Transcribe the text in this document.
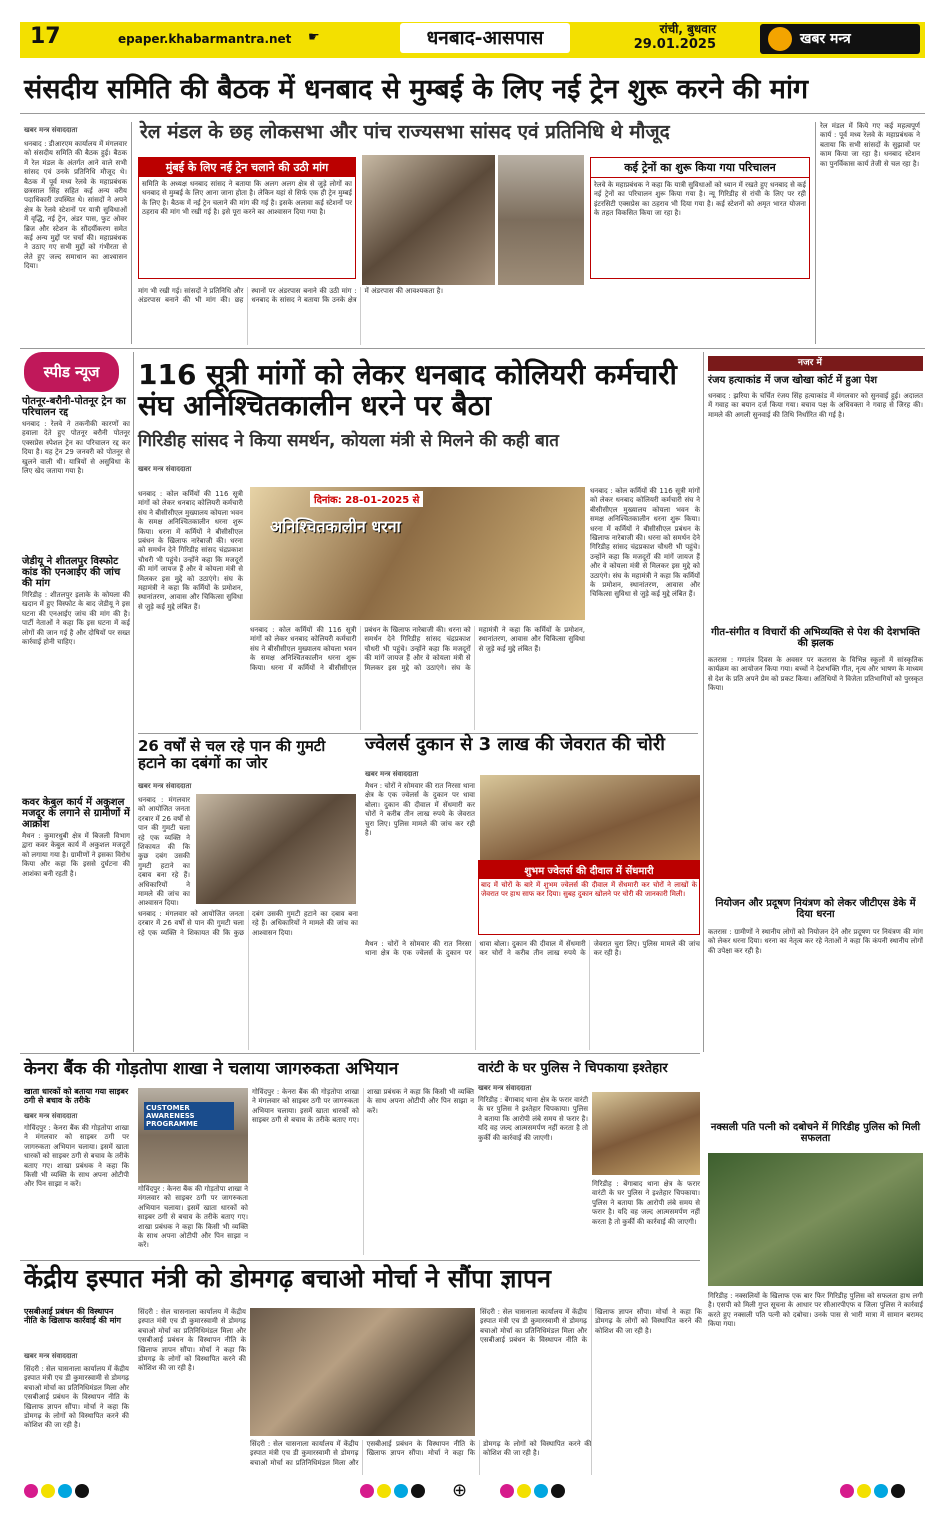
17	epaper.khabarmantra.net ☛	धनबाद-आसपास	रांची, बुधवार
29.01.2025	खबर मन्त्र
संसदीय समिति की बैठक में धनबाद से मुम्बई के लिए नई ट्रेन शुरू करने की मांग
रेल मंडल के छह लोकसभा और पांच राज्यसभा सांसद एवं प्रतिनिधि थे मौजूद
खबर मन्त्र संवाददाता
धनबाद : डीआरएम कार्यालय में मंगलवार को संसदीय समिति की बैठक हुई। बैठक में रेल मंडल के अंतर्गत आने वाले सभी सांसद एवं उनके प्रतिनिधि मौजूद थे। बैठक में पूर्व मध्य रेलवे के महाप्रबंधक छत्रसाल सिंह सहित कई अन्य वरीय पदाधिकारी उपस्थित थे। सांसदों ने अपने क्षेत्र के रेलवे स्टेशनों पर यात्री सुविधाओं में वृद्धि, नई ट्रेन, अंडर पास, फुट ओवर ब्रिज और स्टेशन के सौंदर्यीकरण समेत कई अन्य मुद्दों पर चर्चा की। महाप्रबंधक ने उठाए गए सभी मुद्दों को गंभीरता से लेते हुए जल्द समाधान का आश्वासन दिया।
मुंबई के लिए नई ट्रेन चलाने की उठी मांग
समिति के अध्यक्ष धनबाद सांसद ने बताया कि अलग अलग क्षेत्र से जुड़े लोगों का धनबाद से मुम्बई के लिए आना जाना होता है। लेकिन यहां से सिर्फ एक ही ट्रेन मुम्बई के लिए है। बैठक में नई ट्रेन चलाने की मांग की गई है। इसके अलावा कई स्टेशनों पर ठहराव की मांग भी रखी गई है। इसे पूरा करने का आश्वासन दिया गया है।
कई ट्रेनों का शुरू किया गया परिचालन
रेलवे के महाप्रबंधक ने कहा कि यात्री सुविधाओं को ध्यान में रखते हुए धनबाद से कई नई ट्रेनों का परिचालन शुरू किया गया है। न्यू गिरिडीह से रांची के लिए पर रही इंटरसिटी एक्सप्रेस का ठहराव भी दिया गया है। कई स्टेशनों को अमृत भारत योजना के तहत विकसित किया जा रहा है।
मांग भी रखी गई। सांसदों ने प्रतिनिधि और अंडरपास बनाने की भी मांग की। छह स्थानों पर अंडरपास बनाने की उठी मांग : धनबाद के सांसद ने बताया कि उनके क्षेत्र में अंडरपास की आवश्यकता है।
रेल मंडल में किये गए कई महत्वपूर्ण कार्य : पूर्व मध्य रेलवे के महाप्रबंधक ने बताया कि सभी सांसदों के सुझावों पर काम किया जा रहा है। धनबाद स्टेशन का पुनर्विकास कार्य तेजी से चल रहा है।
स्पीड न्यूज
पोतनूर-बरौनी-पोतनूर ट्रेन का परिचालन रद्द
धनबाद : रेलवे ने तकनीकी कारणों का हवाला देते हुए पोतनूर बरौनी पोतनूर एक्सप्रेस स्पेशल ट्रेन का परिचालन रद्द कर दिया है। यह ट्रेन 29 जनवरी को पोतनूर से खुलने वाली थी। यात्रियों से असुविधा के लिए खेद जताया गया है।
जेडीयू ने शीतलपुर विस्फोट कांड की एनआईए की जांच की मांग
गिरिडीह : शीतलपुर इलाके के कोयला की खदान में हुए विस्फोट के बाद जेडीयू ने इस घटना की एनआईए जांच की मांग की है। पार्टी नेताओं ने कहा कि इस घटना में कई लोगों की जान गई है और दोषियों पर सख्त कार्रवाई होनी चाहिए।
कवर केबुल कार्य में अकुशल मजदूर के लगाने से ग्रामीणों में आक्रोश
मैथन : कुमारधुबी क्षेत्र में बिजली विभाग द्वारा कवर केबुल कार्य में अकुशल मजदूरों को लगाया गया है। ग्रामीणों ने इसका विरोध किया और कहा कि इससे दुर्घटना की आशंका बनी रहती है।
116 सूत्री मांगों को लेकर धनबाद कोलियरी कर्मचारी संघ अनिश्चितकालीन धरने पर बैठा
गिरिडीह सांसद ने किया समर्थन, कोयला मंत्री से मिलने की कही बात
खबर मन्त्र संवाददाता
अनिश्चितकालीन धरना
दिनांक: 28-01-2025 से
धनबाद : कोल कर्मियों की 116 सूत्री मांगों को लेकर धनबाद कोलियरी कर्मचारी संघ ने बीसीसीएल मुख्यालय कोयला भवन के समक्ष अनिश्चितकालीन धरना शुरू किया। धरना में कर्मियों ने बीसीसीएल प्रबंधन के खिलाफ नारेबाजी की। धरना को समर्थन देने गिरिडीह सांसद चंद्रप्रकाश चौधरी भी पहुंचे। उन्होंने कहा कि मजदूरों की मांगें जायज हैं और वे कोयला मंत्री से मिलकर इस मुद्दे को उठाएंगे। संघ के महामंत्री ने कहा कि कर्मियों के प्रमोशन, स्थानांतरण, आवास और चिकित्सा सुविधा से जुड़े कई मुद्दे लंबित हैं।
धनबाद : कोल कर्मियों की 116 सूत्री मांगों को लेकर धनबाद कोलियरी कर्मचारी संघ ने बीसीसीएल मुख्यालय कोयला भवन के समक्ष अनिश्चितकालीन धरना शुरू किया। धरना में कर्मियों ने बीसीसीएल प्रबंधन के खिलाफ नारेबाजी की। धरना को समर्थन देने गिरिडीह सांसद चंद्रप्रकाश चौधरी भी पहुंचे। उन्होंने कहा कि मजदूरों की मांगें जायज हैं और वे कोयला मंत्री से मिलकर इस मुद्दे को उठाएंगे। संघ के महामंत्री ने कहा कि कर्मियों के प्रमोशन, स्थानांतरण, आवास और चिकित्सा सुविधा से जुड़े कई मुद्दे लंबित हैं।
धनबाद : कोल कर्मियों की 116 सूत्री मांगों को लेकर धनबाद कोलियरी कर्मचारी संघ ने बीसीसीएल मुख्यालय कोयला भवन के समक्ष अनिश्चितकालीन धरना शुरू किया। धरना में कर्मियों ने बीसीसीएल प्रबंधन के खिलाफ नारेबाजी की। धरना को समर्थन देने गिरिडीह सांसद चंद्रप्रकाश चौधरी भी पहुंचे। उन्होंने कहा कि मजदूरों की मांगें जायज हैं और वे कोयला मंत्री से मिलकर इस मुद्दे को उठाएंगे। संघ के महामंत्री ने कहा कि कर्मियों के प्रमोशन, स्थानांतरण, आवास और चिकित्सा सुविधा से जुड़े कई मुद्दे लंबित हैं।
नजर में
रंजय हत्याकांड में जज खोखा कोर्ट में हुआ पेश
धनबाद : झरिया के चर्चित रंजय सिंह हत्याकांड में मंगलवार को सुनवाई हुई। अदालत में गवाह का बयान दर्ज किया गया। बचाव पक्ष के अधिवक्ता ने गवाह से जिरह की। मामले की अगली सुनवाई की तिथि निर्धारित की गई है।
गीत-संगीत व विचारों की अभिव्यक्ति से पेश की देशभक्ति की झलक
कतरास : गणतंत्र दिवस के अवसर पर कतरास के विभिन्न स्कूलों में सांस्कृतिक कार्यक्रम का आयोजन किया गया। बच्चों ने देशभक्ति गीत, नृत्य और भाषण के माध्यम से देश के प्रति अपने प्रेम को प्रकट किया। अतिथियों ने विजेता प्रतिभागियों को पुरस्कृत किया।
नियोजन और प्रदूषण नियंत्रण को लेकर जीटीएस डेके में दिया धरना
कतरास : ग्रामीणों ने स्थानीय लोगों को नियोजन देने और प्रदूषण पर नियंत्रण की मांग को लेकर धरना दिया। धरना का नेतृत्व कर रहे नेताओं ने कहा कि कंपनी स्थानीय लोगों की उपेक्षा कर रही है।
नक्सली पति पत्नी को दबोचने में गिरिडीह पुलिस को मिली सफलता
गिरिडीह : नक्सलियों के खिलाफ एक बार फिर गिरिडीह पुलिस को सफलता हाथ लगी है। एसपी को मिली गुप्त सूचना के आधार पर सीआरपीएफ व जिला पुलिस ने कार्रवाई करते हुए नक्सली पति पत्नी को दबोचा। उनके पास से भारी मात्रा में सामान बरामद किया गया।
26 वर्षों से चल रहे पान की गुमटी हटाने का दबंगों का जोर
खबर मन्त्र संवाददाता
धनबाद : मंगलवार को आयोजित जनता दरबार में 26 वर्षों से पान की गुमटी चला रहे एक व्यक्ति ने शिकायत की कि कुछ दबंग उसकी गुमटी हटाने का दबाव बना रहे हैं। अधिकारियों ने मामले की जांच का आश्वासन दिया।
धनबाद : मंगलवार को आयोजित जनता दरबार में 26 वर्षों से पान की गुमटी चला रहे एक व्यक्ति ने शिकायत की कि कुछ दबंग उसकी गुमटी हटाने का दबाव बना रहे हैं। अधिकारियों ने मामले की जांच का आश्वासन दिया।
ज्वेलर्स दुकान से 3 लाख की जेवरात की चोरी
खबर मन्त्र संवाददाता
मैथन : चोरों ने सोमवार की रात निरसा थाना क्षेत्र के एक ज्वेलर्स के दुकान पर धावा बोला। दुकान की दीवाल में सेंधमारी कर चोरों ने करीब तीन लाख रुपये के जेवरात चुरा लिए। पुलिस मामले की जांच कर रही है।
शुभम ज्वेलर्स की दीवाल में सेंधमारी
बाद में चोरों के बारे में शुभम ज्वेलर्स की दीवाल में सेंधमारी कर चोरों ने लाखों के जेवरात पर हाथ साफ कर दिया। सुबह दुकान खोलने पर चोरी की जानकारी मिली।
मैथन : चोरों ने सोमवार की रात निरसा थाना क्षेत्र के एक ज्वेलर्स के दुकान पर धावा बोला। दुकान की दीवाल में सेंधमारी कर चोरों ने करीब तीन लाख रुपये के जेवरात चुरा लिए। पुलिस मामले की जांच कर रही है।
केनरा बैंक की गोड़तोपा शाखा ने चलाया जागरुकता अभियान
खाता धारकों को बताया गया साइबर ठगी से बचाव के तरीके
खबर मन्त्र संवाददाता
गोविंदपुर : केनरा बैंक की गोड़तोपा शाखा ने मंगलवार को साइबर ठगी पर जागरुकता अभियान चलाया। इसमें खाता धारकों को साइबर ठगी से बचाव के तरीके बताए गए। शाखा प्रबंधक ने कहा कि किसी भी व्यक्ति के साथ अपना ओटीपी और पिन साझा न करें।
CUSTOMER AWARENESS PROGRAMME
गोविंदपुर : केनरा बैंक की गोड़तोपा शाखा ने मंगलवार को साइबर ठगी पर जागरुकता अभियान चलाया। इसमें खाता धारकों को साइबर ठगी से बचाव के तरीके बताए गए। शाखा प्रबंधक ने कहा कि किसी भी व्यक्ति के साथ अपना ओटीपी और पिन साझा न करें।
गोविंदपुर : केनरा बैंक की गोड़तोपा शाखा ने मंगलवार को साइबर ठगी पर जागरुकता अभियान चलाया। इसमें खाता धारकों को साइबर ठगी से बचाव के तरीके बताए गए। शाखा प्रबंधक ने कहा कि किसी भी व्यक्ति के साथ अपना ओटीपी और पिन साझा न करें।
वारंटी के घर पुलिस ने चिपकाया इश्तेहार
खबर मन्त्र संवाददाता
गिरिडीह : बेंगाबाद थाना क्षेत्र के फरार वारंटी के घर पुलिस ने इश्तेहार चिपकाया। पुलिस ने बताया कि आरोपी लंबे समय से फरार है। यदि वह जल्द आत्मसमर्पण नहीं करता है तो कुर्की की कार्रवाई की जाएगी।
गिरिडीह : बेंगाबाद थाना क्षेत्र के फरार वारंटी के घर पुलिस ने इश्तेहार चिपकाया। पुलिस ने बताया कि आरोपी लंबे समय से फरार है। यदि वह जल्द आत्मसमर्पण नहीं करता है तो कुर्की की कार्रवाई की जाएगी।
केंद्रीय इस्पात मंत्री को डोमगढ़ बचाओ मोर्चा ने सौंपा ज्ञापन
एसबीआई प्रबंधन की विस्थापन नीति के खिलाफ कार्रवाई की मांग
खबर मन्त्र संवाददाता
सिंदरी : सेल चासनाला कार्यालय में केंद्रीय इस्पात मंत्री एच डी कुमारस्वामी से डोमगढ़ बचाओ मोर्चा का प्रतिनिधिमंडल मिला और एसबीआई प्रबंधन के विस्थापन नीति के खिलाफ ज्ञापन सौंपा। मोर्चा ने कहा कि डोमगढ़ के लोगों को विस्थापित करने की कोशिश की जा रही है।
सिंदरी : सेल चासनाला कार्यालय में केंद्रीय इस्पात मंत्री एच डी कुमारस्वामी से डोमगढ़ बचाओ मोर्चा का प्रतिनिधिमंडल मिला और एसबीआई प्रबंधन के विस्थापन नीति के खिलाफ ज्ञापन सौंपा। मोर्चा ने कहा कि डोमगढ़ के लोगों को विस्थापित करने की कोशिश की जा रही है।
सिंदरी : सेल चासनाला कार्यालय में केंद्रीय इस्पात मंत्री एच डी कुमारस्वामी से डोमगढ़ बचाओ मोर्चा का प्रतिनिधिमंडल मिला और एसबीआई प्रबंधन के विस्थापन नीति के खिलाफ ज्ञापन सौंपा। मोर्चा ने कहा कि डोमगढ़ के लोगों को विस्थापित करने की कोशिश की जा रही है।
सिंदरी : सेल चासनाला कार्यालय में केंद्रीय इस्पात मंत्री एच डी कुमारस्वामी से डोमगढ़ बचाओ मोर्चा का प्रतिनिधिमंडल मिला और एसबीआई प्रबंधन के विस्थापन नीति के खिलाफ ज्ञापन सौंपा। मोर्चा ने कहा कि डोमगढ़ के लोगों को विस्थापित करने की कोशिश की जा रही है।
⊕
